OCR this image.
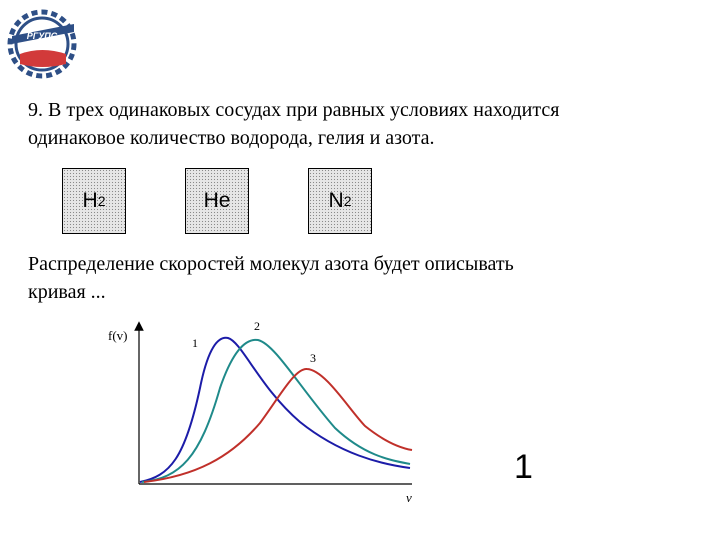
РГУПС
9. В трех одинаковых сосудах при равных условиях находится
одинаковое количество водорода, гелия и азота.
H 2	He	N 2
Распределение скоростей молекул азота будет описывать
кривая ...
f(v)
v
1
2
3
1
